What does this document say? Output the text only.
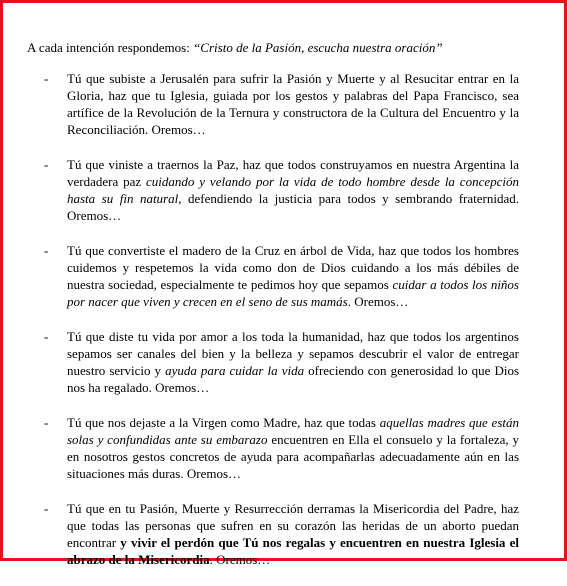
A cada intención respondemos: “Cristo de la Pasión, escucha nuestra oración”

- Tú que subiste a Jerusalén para sufrir la Pasión y Muerte y al Resucitar entrar en la Gloria, haz que tu Iglesia, guiada por los gestos y palabras del Papa Francisco, sea artífice de la Revolución de la Ternura y constructora de la Cultura del Encuentro y la Reconciliación. Oremos…
- Tú que viniste a traernos la Paz, haz que todos construyamos en nuestra Argentina la verdadera paz cuidando y velando por la vida de todo hombre desde la concepción hasta su fin natural, defendiendo la justicia para todos y sembrando fraternidad. Oremos…
- Tú que convertiste el madero de la Cruz en árbol de Vida, haz que todos los hombres cuidemos y respetemos la vida como don de Dios cuidando a los más débiles de nuestra sociedad, especialmente te pedimos hoy que sepamos cuidar a todos los niños por nacer que viven y crecen en el seno de sus mamás. Oremos…
- Tú que diste tu vida por amor a los toda la humanidad, haz que todos los argentinos sepamos ser canales del bien y la belleza y sepamos descubrir el valor de entregar nuestro servicio y ayuda para cuidar la vida ofreciendo con generosidad lo que Dios nos ha regalado. Oremos…
- Tú que nos dejaste a la Virgen como Madre, haz que todas aquellas madres que están solas y confundidas ante su embarazo encuentren en Ella el consuelo y la fortaleza, y en nosotros gestos concretos de ayuda para acompañarlas adecuadamente aún en las situaciones más duras. Oremos…
- Tú que en tu Pasión, Muerte y Resurrección derramas la Misericordia del Padre, haz que todas las personas que sufren en su corazón las heridas de un aborto puedan encontrar y vivir el perdón que Tú nos regalas y encuentren en nuestra Iglesia el abrazo de la Misericordia. Oremos…
